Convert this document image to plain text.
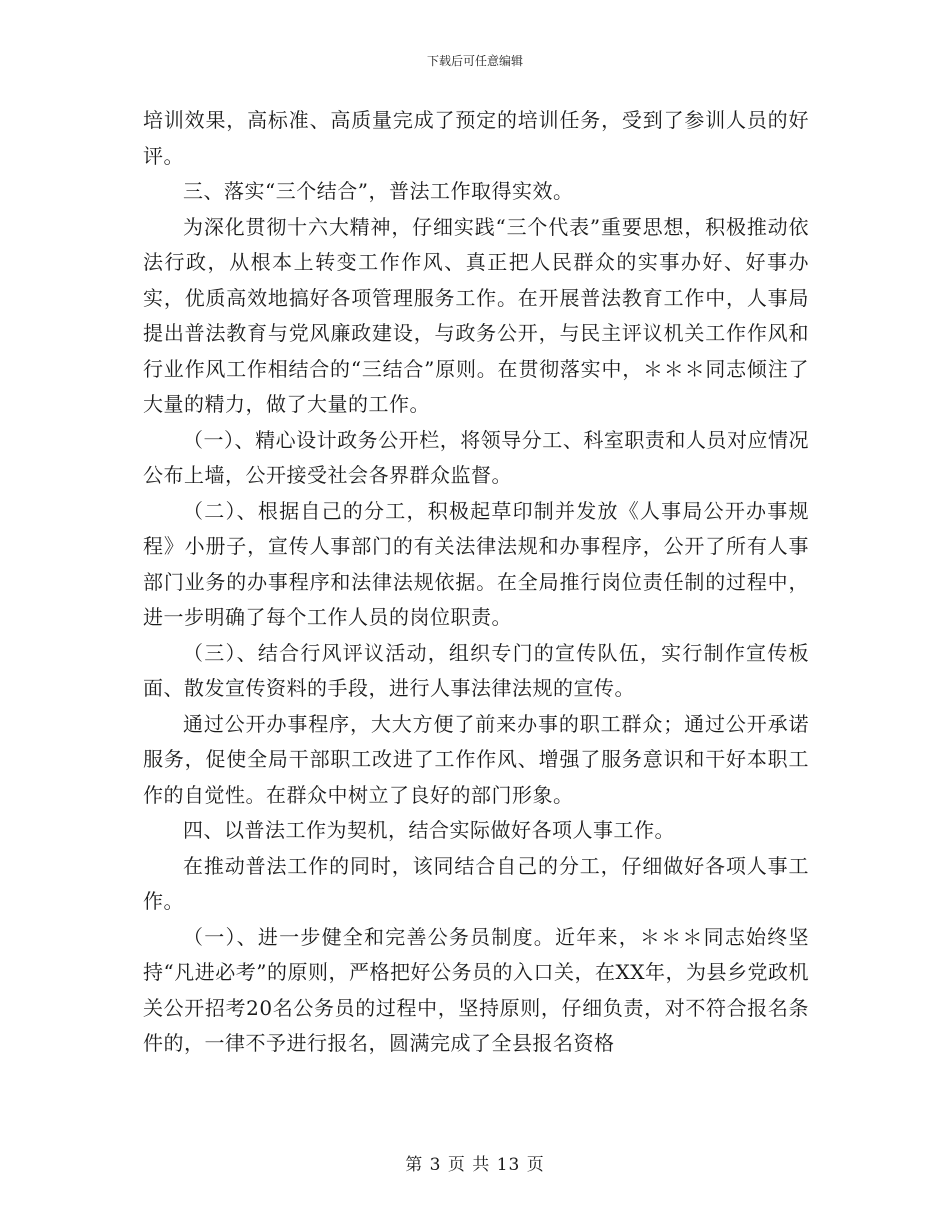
下载后可任意编辑

培训效果，高标准、高质量完成了预定的培训任务，受到了参训人员的好评。

三、落实“三个结合”，普法工作取得实效。

为深化贯彻十六大精神，仔细实践“三个代表”重要思想，积极推动依法行政，从根本上转变工作作风、真正把人民群众的实事办好、好事办实，优质高效地搞好各项管理服务工作。在开展普法教育工作中，人事局提出普法教育与党风廉政建设，与政务公开，与民主评议机关工作作风和行业作风工作相结合的“三结合”原则。在贯彻落实中，＊＊＊同志倾注了大量的精力，做了大量的工作。

（一）、精心设计政务公开栏，将领导分工、科室职责和人员对应情况公布上墙，公开接受社会各界群众监督。

（二）、根据自己的分工，积极起草印制并发放《人事局公开办事规程》小册子，宣传人事部门的有关法律法规和办事程序，公开了所有人事部门业务的办事程序和法律法规依据。在全局推行岗位责任制的过程中，进一步明确了每个工作人员的岗位职责。

（三）、结合行风评议活动，组织专门的宣传队伍，实行制作宣传板面、散发宣传资料的手段，进行人事法律法规的宣传。

通过公开办事程序，大大方便了前来办事的职工群众；通过公开承诺服务，促使全局干部职工改进了工作作风、增强了服务意识和干好本职工作的自觉性。在群众中树立了良好的部门形象。

四、以普法工作为契机，结合实际做好各项人事工作。

在推动普法工作的同时，该同结合自己的分工，仔细做好各项人事工作。

（一）、进一步健全和完善公务员制度。近年来，＊＊＊同志始终坚持“凡进必考”的原则，严格把好公务员的入口关，在XX年，为县乡党政机关公开招考20名公务员的过程中，坚持原则，仔细负责，对不符合报名条件的，一律不予进行报名，圆满完成了全县报名资格

第 3 页 共 13 页
